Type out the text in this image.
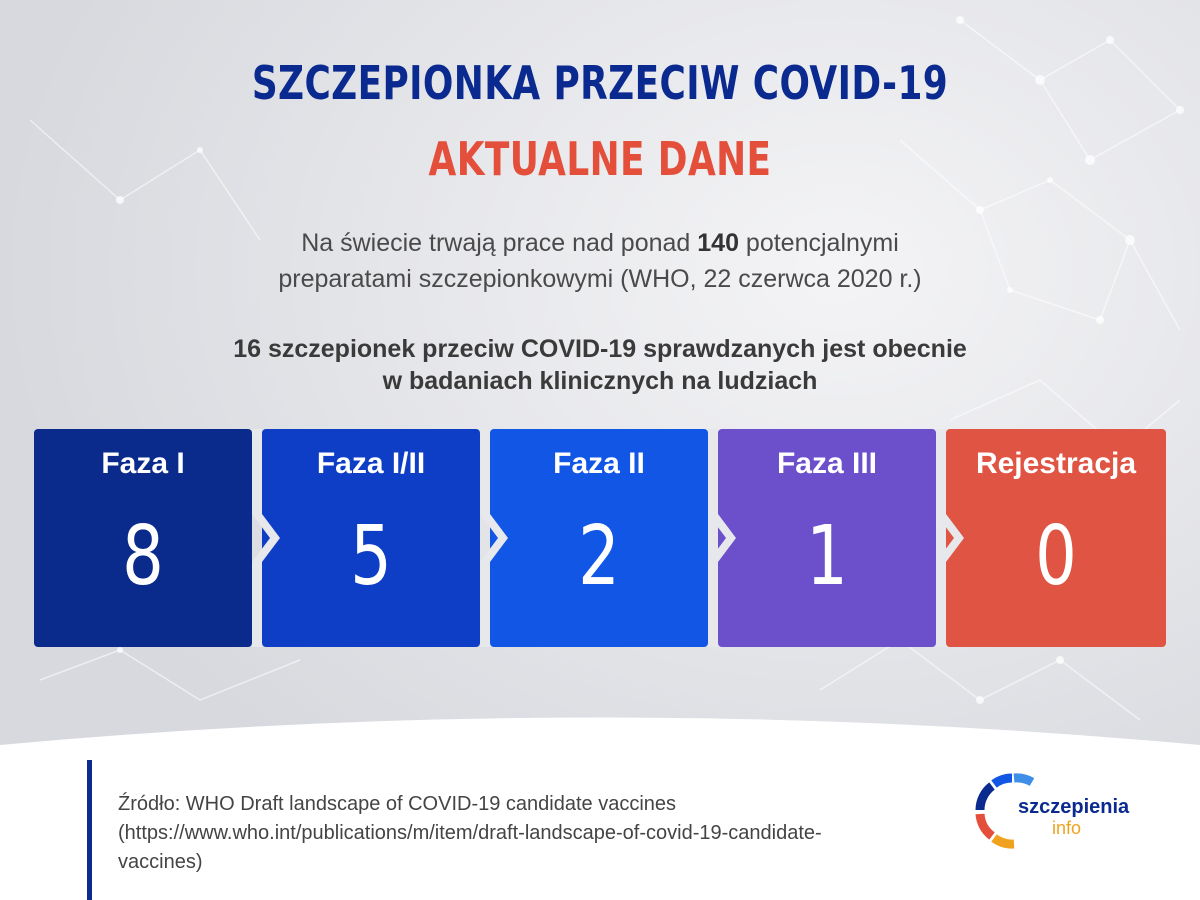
SZCZEPIONKA PRZECIW COVID-19
AKTUALNE DANE
Na świecie trwają prace nad ponad 140 potencjalnymi
preparatami szczepionkowymi (WHO, 22 czerwca 2020 r.)
16 szczepionek przeciw COVID-19 sprawdzanych jest obecnie
w badaniach klinicznych na ludziach
Faza I
8
Faza I/II
5
Faza II
2
Faza III
1
Rejestracja
0
Źródło: WHO Draft landscape of COVID-19 candidate vaccines
(https://www.who.int/publications/m/item/draft-landscape-of-covid-19-candidate-
vaccines)
szczepienia
info
